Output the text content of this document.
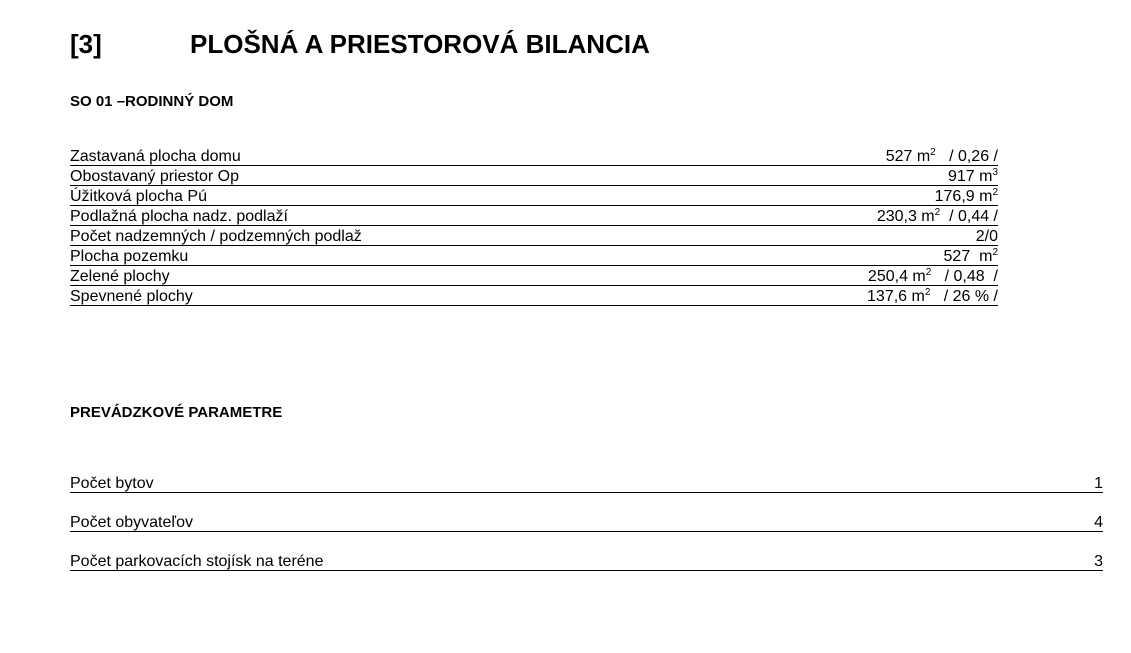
[3]	PLOŠNÁ A PRIESTOROVÁ BILANCIA
SO 01 –RODINNÝ DOM
Zastavaná plocha domu	527 $m^2 / 0,26$ /
Obostavaný priestor Op	917 $m^3$
Úžitková plocha Pú	176,9 $m^2$
Podlažná plocha nadz. podlaží	230,3 $m^2 / 0,44$ /
Počet nadzemných / podzemných podlaž	2/0
Plocha pozemku	527  $m^2$
Zelené plochy	250,4 $m^2 / 0,48$  /
Spevnené plochy	137,6 $m^2 / 26$ % /
PREVÁDZKOVÉ PARAMETRE
Počet bytov	1
Počet obyvateľov	4
Počet parkovacích stojísk na teréne	3
